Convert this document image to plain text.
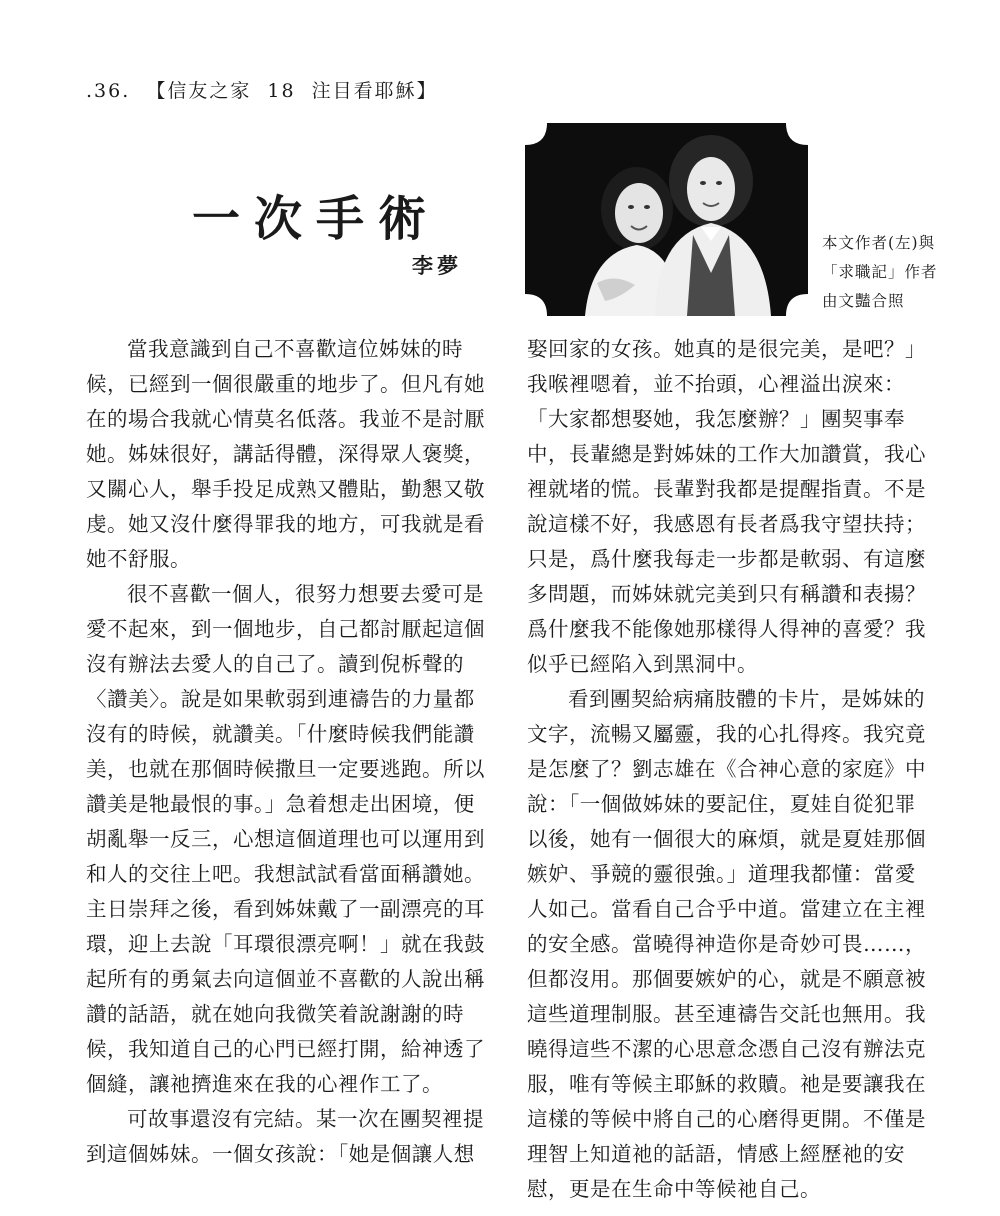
.36. 【信友之家  18  注目看耶穌】
一次手術
李夢
本文作者(左)與
「求職記」作者
由文豔合照

當我意識到自己不喜歡這位姊妹的時候，已經到一個很嚴重的地步了。但凡有她在的場合我就心情莫名低落。我並不是討厭她。姊妹很好，講話得體，深得眾人褒獎，又關心人，舉手投足成熟又體貼，勤懇又敬虔。她又沒什麼得罪我的地方，可我就是看她不舒服。

很不喜歡一個人，很努力想要去愛可是愛不起來，到一個地步，自己都討厭起這個沒有辦法去愛人的自己了。讀到倪柝聲的〈讚美〉。說是如果軟弱到連禱告的力量都沒有的時候，就讚美。「什麼時候我們能讚美，也就在那個時候撒旦一定要逃跑。所以讚美是牠最恨的事。」急着想走出困境，便胡亂舉一反三，心想這個道理也可以運用到和人的交往上吧。我想試試看當面稱讚她。主日崇拜之後，看到姊妹戴了一副漂亮的耳環，迎上去說「耳環很漂亮啊！」就在我鼓起所有的勇氣去向這個並不喜歡的人說出稱讚的話語，就在她向我微笑着說謝謝的時候，我知道自己的心門已經打開，給神透了個縫，讓祂擠進來在我的心裡作工了。

可故事還沒有完結。某一次在團契裡提到這個姊妹。一個女孩說：「她是個讓人想

娶回家的女孩。她真的是很完美，是吧？」我喉裡嗯着，並不抬頭，心裡溢出淚來：「大家都想娶她，我怎麼辦？」團契事奉中，長輩總是對姊妹的工作大加讚賞，我心裡就堵的慌。長輩對我都是提醒指責。不是說這樣不好，我感恩有長者爲我守望扶持；只是，爲什麼我每走一步都是軟弱、有這麼多問題，而姊妹就完美到只有稱讚和表揚？爲什麼我不能像她那樣得人得神的喜愛？我似乎已經陷入到黑洞中。

看到團契給病痛肢體的卡片，是姊妹的文字，流暢又屬靈，我的心扎得疼。我究竟是怎麼了？劉志雄在《合神心意的家庭》中說：「一個做姊妹的要記住，夏娃自從犯罪以後，她有一個很大的麻煩，就是夏娃那個嫉妒、爭競的靈很強。」道理我都懂：當愛人如己。當看自己合乎中道。當建立在主裡的安全感。當曉得神造你是奇妙可畏……，但都沒用。那個要嫉妒的心，就是不願意被這些道理制服。甚至連禱告交託也無用。我曉得這些不潔的心思意念憑自己沒有辦法克服，唯有等候主耶穌的救贖。祂是要讓我在這樣的等候中將自己的心磨得更開。不僅是理智上知道祂的話語，情感上經歷祂的安慰，更是在生命中等候祂自己。
